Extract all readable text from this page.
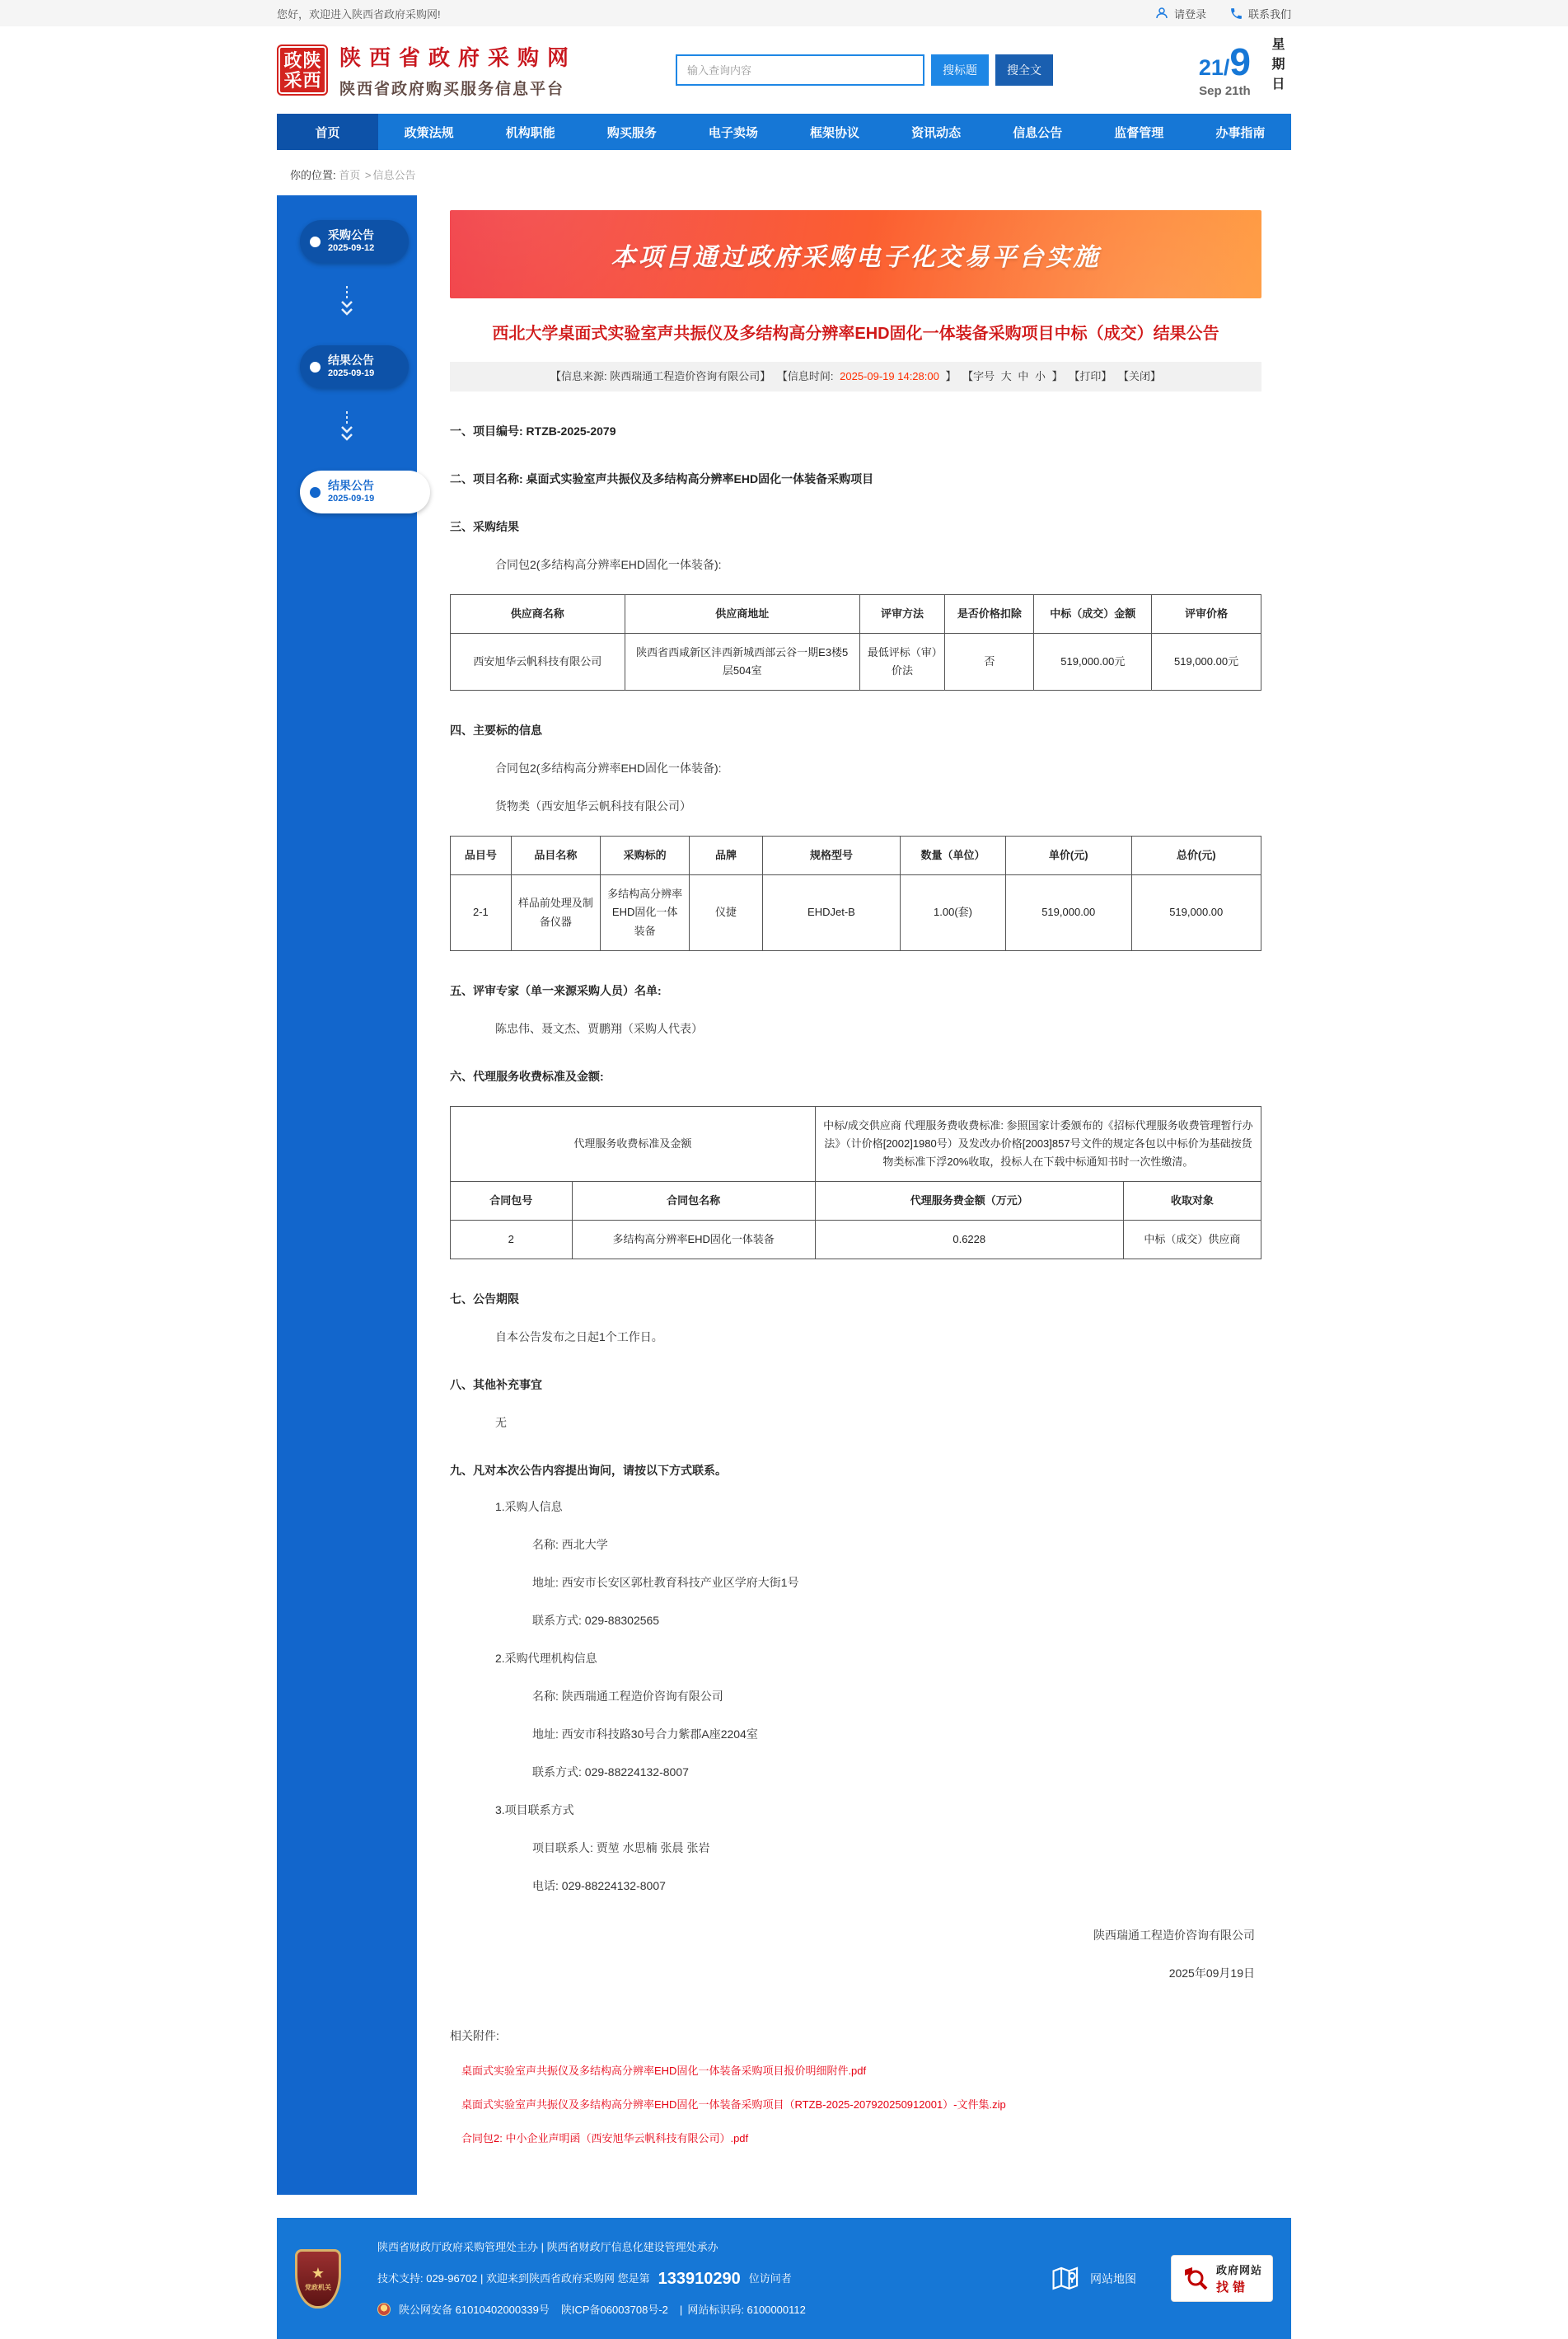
您好，欢迎进入陕西省政府采购网!	请登录	联系我们
政 陕
采 西
陕西省政府采购网
陕西省政府购买服务信息平台
输入查询内容
搜标题	搜全文	21/9
Sep 21th 星期日
首页	政策法规	机构职能	购买服务	电子卖场	框架协议	资讯动态	信息公告	监督管理	办事指南
你的位置: 首页 > 信息公告
采购公告
2025-09-12
结果公告
2025-09-19
结果公告
2025-09-19
本项目通过政府采购电子化交易平台实施
西北大学桌面式实验室声共振仪及多结构高分辨率EHD固化一体装备采购项目中标（成交）结果公告
【信息来源: 陕西瑞通工程造价咨询有限公司】 【信息时间: 2025-09-19 14:28:00 】 【字号 大 中 小 】 【打印】 【关闭】
一、项目编号: RTZB-2025-2079
二、项目名称: 桌面式实验室声共振仪及多结构高分辨率EHD固化一体装备采购项目
三、采购结果
合同包2(多结构高分辨率EHD固化一体装备):
供应商名称	供应商地址	评审方法	是否价格扣除	中标（成交）金额	评审价格
西安旭华云帆科技有限公司	陕西省西咸新区沣西新城西部云谷一期E3楼5层504室	最低评标（审）价法	否	519,000.00元	519,000.00元
四、主要标的信息
合同包2(多结构高分辨率EHD固化一体装备):
货物类（西安旭华云帆科技有限公司）
品目号	品目名称	采购标的	品牌	规格型号	数量（单位）	单价(元)	总价(元)
2-1	样品前处理及制备仪器	多结构高分辨率EHD固化一体装备	仪捷	EHDJet-B	1.00(套)	519,000.00	519,000.00
五、评审专家（单一来源采购人员）名单:
陈忠伟、聂文杰、贾鹏翔（采购人代表）
六、代理服务收费标准及金额:
代理服务收费标准及金额		中标/成交供应商 代理服务费收费标准: 参照国家计委颁布的《招标代理服务收费管理暂行办法》（计价格[2002]1980号）及发改办价格[2003]857号文件的规定各包以中标价为基础按货物类标准下浮20%收取，投标人在下载中标通知书时一次性缴清。	
合同包号	合同包名称	代理服务费金额（万元）	收取对象
2	多结构高分辨率EHD固化一体装备	0.6228	中标（成交）供应商
七、公告期限
自本公告发布之日起1个工作日。
八、其他补充事宜
无
九、凡对本次公告内容提出询问，请按以下方式联系。
1.采购人信息
名称: 西北大学
地址: 西安市长安区郭杜教育科技产业区学府大街1号
联系方式: 029-88302565
2.采购代理机构信息
名称: 陕西瑞通工程造价咨询有限公司
地址: 西安市科技路30号合力紫郡A座2204室
联系方式: 029-88224132-8007
3.项目联系方式
项目联系人: 贾堃 水思楠 张晨 张岩
电话: 029-88224132-8007
陕西瑞通工程造价咨询有限公司
2025年09月19日
相关附件:
桌面式实验室声共振仪及多结构高分辨率EHD固化一体装备采购项目报价明细附件.pdf
桌面式实验室声共振仪及多结构高分辨率EHD固化一体装备采购项目（RTZB-2025-207920250912001）-文件集.zip
合同包2: 中小企业声明函（西安旭华云帆科技有限公司）.pdf
★
党政机关
陕西省财政厅政府采购管理处主办 | 陕西省财政厅信息化建设管理处承办
技术支持: 029-96702 | 欢迎来到陕西省政府采购网 您是第 133910290 位访问者
陕公网安备 61010402000339号 陕ICP备06003708号-2 | 网站标识码: 6100000112
网站地图
政府网站
找错
